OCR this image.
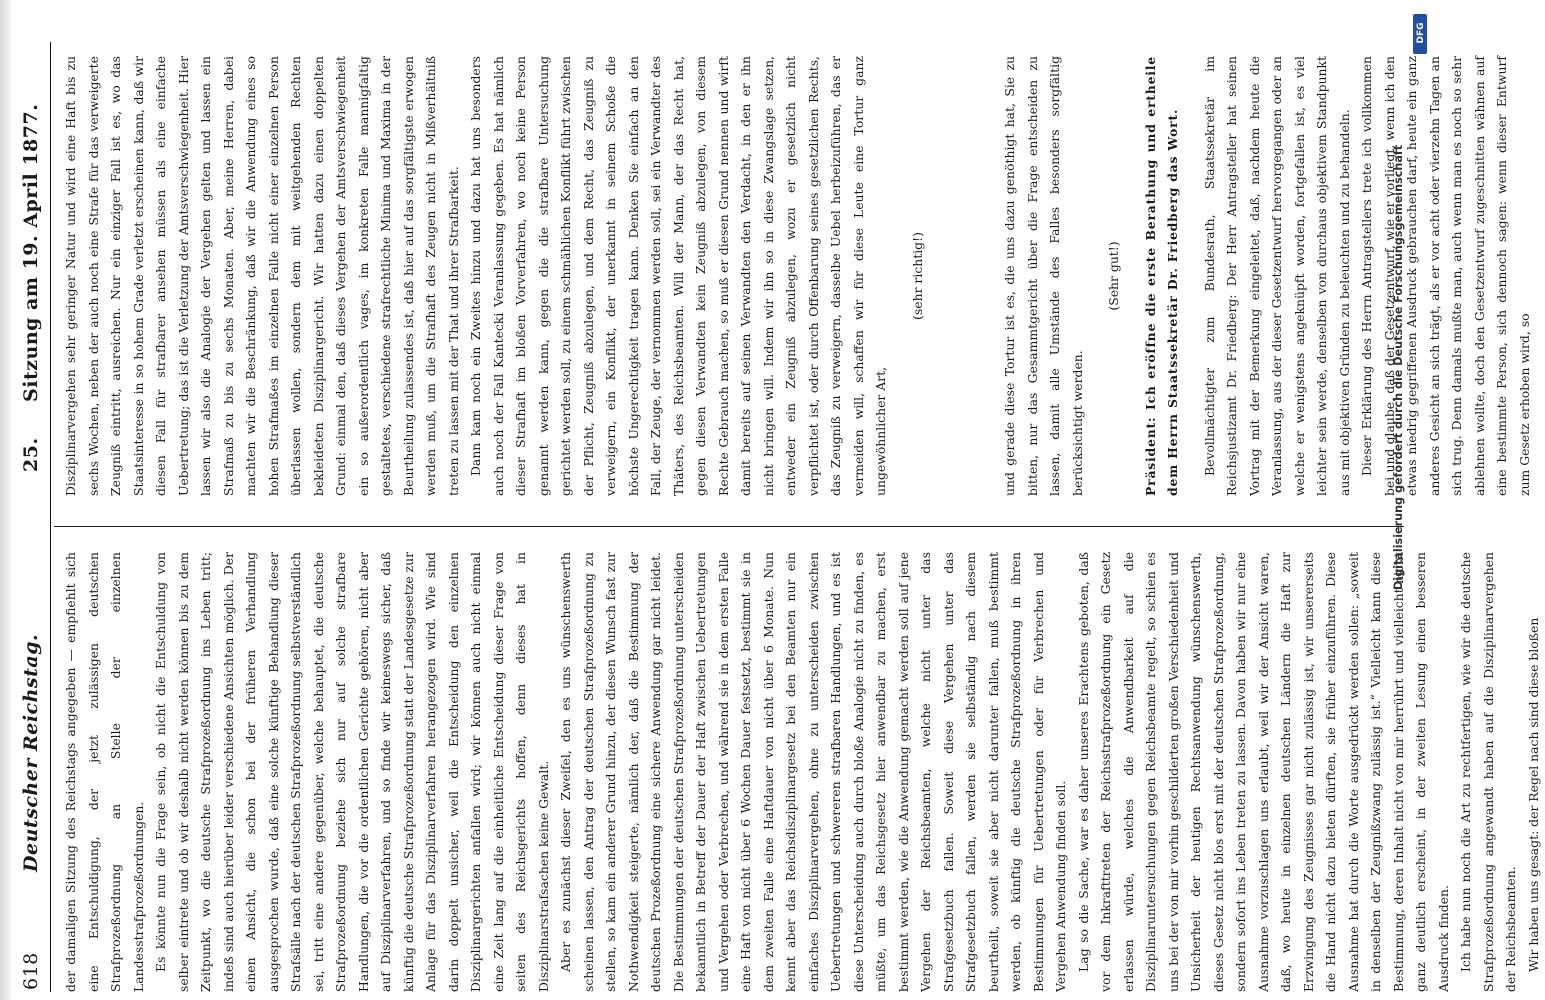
618
Deutscher Reichstag.
25.
Sitzung am 19. April 1877.

der damaligen Sitzung des Reichstags angegeben — empfiehlt sich eine Entschuldigung, der jetzt zulässigen deutschen Strafprozeßordnung an Stelle der einzelnen Landesstrafprozeßordnungen. Es könnte nun die Frage sein, ob nicht die Entschuldung von selber eintrete und ob wir deshalb nicht werden können bis zu dem Zeitpunkt, wo die deutsche Strafprozeßordnung ins Leben tritt; indeß sind auch hierüber leider verschiedene Ansichten möglich. Der einen Ansicht, die schon bei der früheren Verhandlung ausgesprochen wurde, daß eine solche künftige Behandlung dieser Strafsälle nach der deutschen Strafprozeßordnung selbstverständlich sei, tritt eine andere gegenüber, welche behauptet, die deutsche Strafprozeßordnung beziehe sich nur auf solche strafbare Handlungen, die vor die ordentlichen Gerichte gehören, nicht aber auf Disziplinarverfahren, und so finde wir keineswegs sicher, daß künftig die deutsche Strafprozeßordnung statt der Landesgesetze zur Anlage für das Disziplinarverfahren herangezogen wird. Wie sind darin doppelt unsicher, weil die Entscheidung den einzelnen Disziplinargerichten anfallen wird; wir können auch nicht einmal eine Zeit lang auf die einheitliche Entscheidung dieser Frage von seiten des Reichsgerichts hoffen, denn dieses hat in Disziplinarstrafsachen keine Gewalt. Aber es zunächst dieser Zweifel, den es uns wünschenswerth scheinen lassen, den Antrag der deutschen Strafprozeßordnung zu stellen, so kam ein anderer Grund hinzu, der diesen Wunsch fast zur Nothwendigkeit steigerte, nämlich der, daß die Bestimmung der deutschen Prozeßordnung eine sichere Anwendung gar nicht leidet. Die Bestimmungen der deutschen Strafprozeßordnung unterscheiden bekanntlich in Betreff der Dauer der Haft zwischen Uebertretungen und Vergehen oder Verbrechen, und während sie in dem ersten Falle eine Haft von nicht über 6 Wochen Dauer festsetzt, bestimmt sie in dem zweiten Falle eine Haftdauer von nicht über 6 Monate. Nun kennt aber das Reichsdisziplinargesetz bei den Beamten nur ein einfaches Disziplinarvergehen, ohne zu unterscheiden zwischen Uebertretungen und schwereren strafbaren Handlungen, und es ist diese Unterscheidung auch durch bloße Analogie nicht zu finden, es müßte, um das Reichsgesetz hier anwendbar zu machen, erst bestimmt werden, wie die Anwendung gemacht werden soll auf jene Vergehen der Reichsbeamten, welche nicht unter das Strafgesetzbuch fallen. Soweit diese Vergehen unter das Strafgesetzbuch fallen, werden sie selbständig nach diesem beurtheilt, soweit sie aber nicht darunter fallen, muß bestimmt werden, ob künftig die deutsche Strafprozeßordnung in ihren Bestimmungen für Uebertretungen oder für Verbrechen und Vergehen Anwendung finden soll. Lag so die Sache, war es daher unseres Erachtens geboten, daß vor dem Inkrafttreten der Reichsstrafprozeßordnung ein Gesetz erlassen würde, welches die Anwendbarkeit auf die Disziplinaruntersuchungen gegen Reichsbeamte regelt, so schien es uns bei der von mir vorhin geschilderten großen Verschiedenheit und Unsicherheit der heutigen Rechtsanwendung wünschenswerth, dieses Gesetz nicht blos erst mit der deutschen Strafprozeßordnung, sondern sofort ins Leben treten zu lassen. Davon haben wir nur eine Ausnahme vorzuschlagen uns erlaubt, weil wir der Ansicht waren, daß, wo heute in einzelnen deutschen Ländern die Haft zur Erzwingung des Zeugnisses gar nicht zulässig ist, wir unsererseits die Hand nicht dazu bieten dürften, sie früher einzuführen. Diese Ausnahme hat durch die Worte ausgedrückt werden sollen: „soweit in denselben der Zeugnißzwang zulässig ist.“ Vielleicht kann diese Bestimmung, deren Inhalt nicht von mir herrührt und vielleicht nicht ganz deutlich erscheint, in der zweiten Lesung einen besseren Ausdruck finden. Ich habe nun noch die Art zu rechtfertigen, wie wir die deutsche Strafprozeßordnung angewandt haben auf die Disziplinarvergehen der Reichsbeamten. Wir haben uns gesagt: der Regel nach sind diese bloßen

Disziplinarvergehen sehr geringer Natur und wird eine Haft bis zu sechs Wochen, neben der auch noch eine Strafe für das verweigerte Zeugniß eintritt, ausreichen. Nur ein einziger Fall ist es, wo das Staatsinteresse in so hohem Grade verletzt erscheinen kann, daß wir diesen Fall für strafbarer ansehen müssen als eine einfache Uebertretung; das ist die Verletzung der Amtsverschwiegenheit. Hier lassen wir also die Analogie der Vergehen gelten und lassen ein Strafmaß zu bis zu sechs Monaten. Aber, meine Herren, dabei machten wir die Beschränkung, daß wir die Anwendung eines so hohen Strafmaßes im einzelnen Falle nicht einer einzelnen Person überlassen wollen, sondern dem mit weitgehenden Rechten bekleideten Disziplinargericht. Wir hatten dazu einen doppelten Grund: einmal den, daß dieses Vergehen der Amtsverschwiegenheit ein so außerordentlich vages, im konkreten Falle mannigfaltig gestaltetes, verschiedene strafrechtliche Minima und Maxima in der Beurtheilung zulassendes ist, daß hier auf das sorgfältigste erwogen werden muß, um die Strafhaft des Zeugen nicht in Mißverhältniß treten zu lassen mit der That und ihrer Strafbarkeit. Dann kam noch ein Zweites hinzu und dazu hat uns besonders auch noch der Fall Kantecki Veranlassung gegeben. Es hat nämlich dieser Strafhaft im bloßen Vorverfahren, wo noch keine Person genannt werden kann, gegen die die strafbare Untersuchung gerichtet werden soll, zu einem schmählichen Konflikt führt zwischen der Pflicht, Zeugniß abzulegen, und dem Recht, das Zeugniß zu verweigern, ein Konflikt, der unerkannt in seinem Schoße die höchste Ungerechtigkeit tragen kann. Denken Sie einfach an den Fall, der Zeuge, der vernommen werden soll, sei ein Verwandter des Thäters, des Reichsbeamten. Will der Mann, der das Recht hat, gegen diesen Verwandten kein Zeugniß abzulegen, von diesem Rechte Gebrauch machen, so muß er diesen Grund nennen und wirft damit bereits auf seinen Verwandten den Verdacht, in den er ihn nicht bringen will. Indem wir ihn so in diese Zwangslage setzen, entweder ein Zeugniß abzulegen, wozu er gesetzlich nicht verpflichtet ist, oder durch Offenbarung seines gesetzlichen Rechts, das Zeugniß zu verweigern, dasselbe Uebel herbeizuführen, das er vermeiden will, schaffen wir für diese Leute eine Tortur ganz ungewöhnlicher Art,

(sehr richtig!)	und gerade diese Tortur ist es, die uns dazu genöthigt hat, Sie zu bitten, nur das Gesammtgericht über die Frage entscheiden zu lassen, damit alle Umstände des Falles besonders sorgfältig berücksichtigt werden.

(Sehr gut!)	Präsident: Ich eröffne die erste Berathung und ertheile dem Herrn Staatssekretär Dr. Friedberg das Wort.	Bevollmächtigter zum Bundesrath, Staatssekretär im Reichsjustizamt Dr. Friedberg: Der Herr Antragsteller hat seinen Vortrag mit der Bemerkung eingeleitet, daß, nachdem heute die Veranlassung, aus der dieser Gesetzentwurf hervorgegangen oder an welche er wenigstens angeknüpft worden, fortgefallen ist, es viel leichter sein werde, denselben von durchaus objektivem Standpunkt aus mit objektiven Gründen zu beleuchten und zu behandeln. Dieser Erklärung des Herrn Antragstellers trete ich vollkommen bei und glaube, daß der Gesetzentwurf, wie er vorliegt, wenn ich den etwas niedrig gegriffenen Ausdruck gebrauchen darf, heute ein ganz anderes Gesicht an sich trägt, als er vor acht oder vierzehn Tagen an sich trug. Denn damals mußte man, auch wenn man es noch so sehr ablehnen wollte, doch den Gesetzentwurf zugeschnitten wähnen auf eine bestimmte Person, sich dennoch sagen: wenn dieser Entwurf zum Gesetz erhoben wird, so

Digitalisierung gefördert durch die Deutsche Forschungsgemeinschaft
DFG
